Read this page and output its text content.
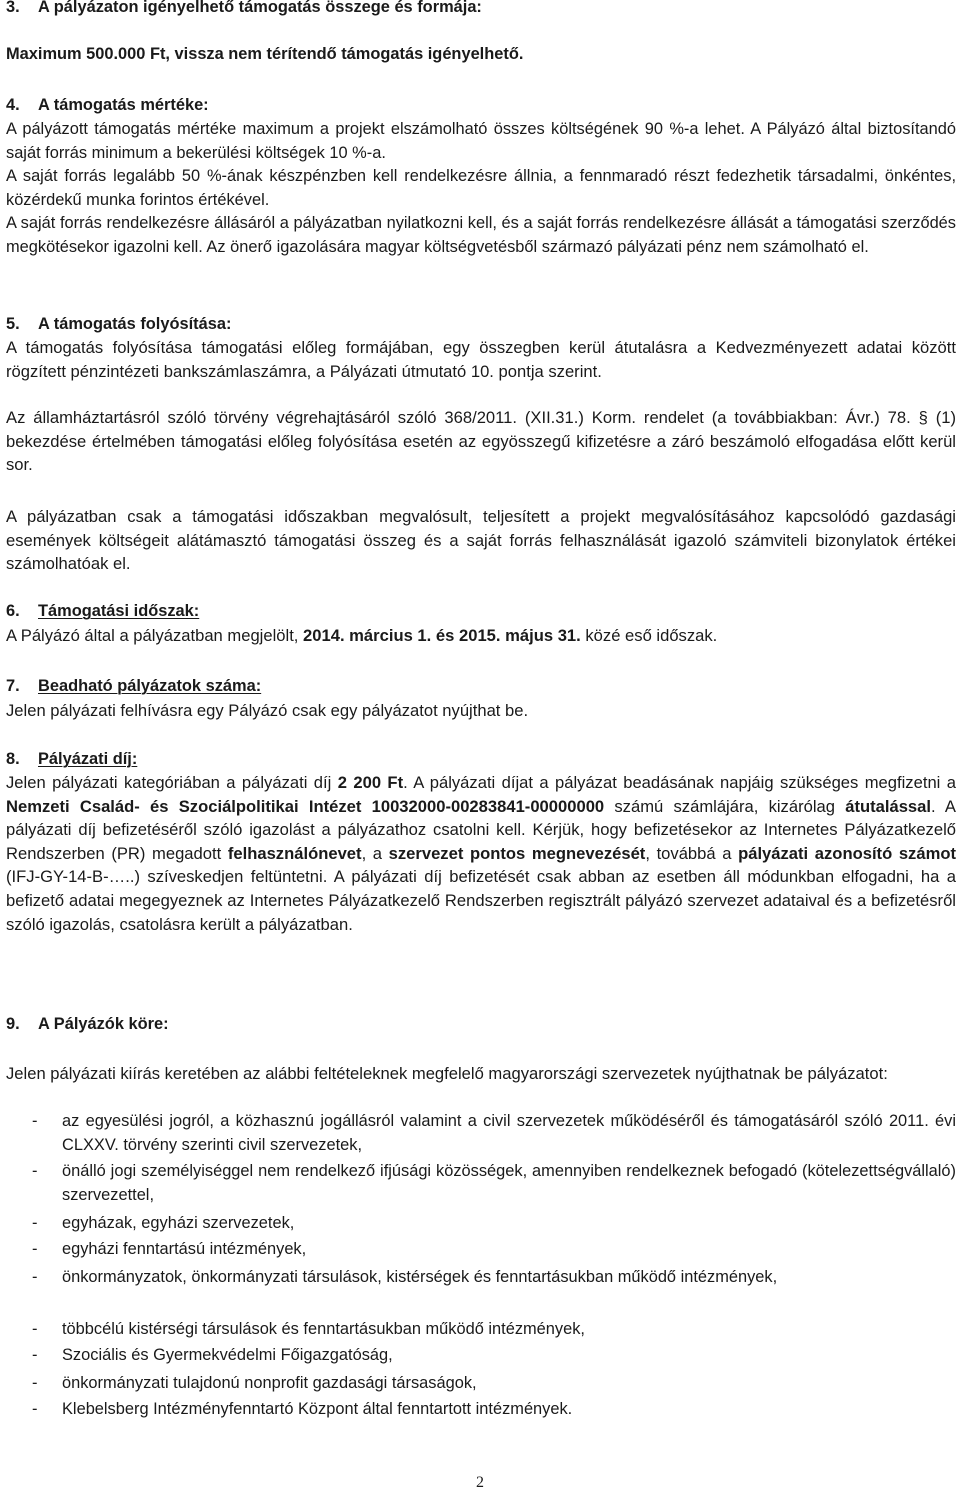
3. A pályázaton igényelhető támogatás összege és formája:
Maximum 500.000 Ft, vissza nem térítendő támogatás igényelhető.
4. A támogatás mértéke:
A pályázott támogatás mértéke maximum a projekt elszámolható összes költségének 90 %-a lehet. A Pályázó által biztosítandó saját forrás minimum a bekerülési költségek 10 %-a.
A saját forrás legalább 50 %-ának készpénzben kell rendelkezésre állnia, a fennmaradó részt fedezhetik társadalmi, önkéntes, közérdekű munka forintos értékével.
A saját forrás rendelkezésre állásáról a pályázatban nyilatkozni kell, és a saját forrás rendelkezésre állását a támogatási szerződés megkötésekor igazolni kell. Az önerő igazolására magyar költségvetésből származó pályázati pénz nem számolható el.
5. A támogatás folyósítása:
A támogatás folyósítása támogatási előleg formájában, egy összegben kerül átutalásra a Kedvezményezett adatai között rögzített pénzintézeti bankszámlaszámra, a Pályázati útmutató 10. pontja szerint.
Az államháztartásról szóló törvény végrehajtásáról szóló 368/2011. (XII.31.) Korm. rendelet (a továbbiakban: Ávr.) 78. § (1) bekezdése értelmében támogatási előleg folyósítása esetén az egyösszegű kifizetésre a záró beszámoló elfogadása előtt kerül sor.
A pályázatban csak a támogatási időszakban megvalósult, teljesített a projekt megvalósításához kapcsolódó gazdasági események költségeit alátámasztó támogatási összeg és a saját forrás felhasználását igazoló számviteli bizonylatok értékei számolhatóak el.
6. Támogatási időszak:
A Pályázó által a pályázatban megjelölt, 2014. március 1. és 2015. május 31. közé eső időszak.
7. Beadható pályázatok száma:
Jelen pályázati felhívásra egy Pályázó csak egy pályázatot nyújthat be.
8. Pályázati díj:
Jelen pályázati kategóriában a pályázati díj 2 200 Ft. A pályázati díjat a pályázat beadásának napjáig szükséges megfizetni a Nemzeti Család- és Szociálpolitikai Intézet 10032000-00283841-00000000 számú számlájára, kizárólag átutalással. A pályázati díj befizetéséről szóló igazolást a pályázathoz csatolni kell. Kérjük, hogy befizetésekor az Internetes Pályázatkezelő Rendszerben (PR) megadott felhasználónevet, a szervezet pontos megnevezését, továbbá a pályázati azonosító számot (IFJ-GY-14-B-…..) szíveskedjen feltüntetni. A pályázati díj befizetését csak abban az esetben áll módunkban elfogadni, ha a befizető adatai megegyeznek az Internetes Pályázatkezelő Rendszerben regisztrált pályázó szervezet adataival és a befizetésről szóló igazolás, csatolásra került a pályázatban.
9. A Pályázók köre:
Jelen pályázati kiírás keretében az alábbi feltételeknek megfelelő magyarországi szervezetek nyújthatnak be pályázatot:
- az egyesülési jogról, a közhasznú jogállásról valamint a civil szervezetek működéséről és támogatásáról szóló 2011. évi CLXXV. törvény szerinti civil szervezetek,
- önálló jogi személyiséggel nem rendelkező ifjúsági közösségek, amennyiben rendelkeznek befogadó (kötelezettségvállaló) szervezettel,
- egyházak, egyházi szervezetek,
- egyházi fenntartású intézmények,
- önkormányzatok, önkormányzati társulások, kistérségek és fenntartásukban működő intézmények,
- többcélú kistérségi társulások és fenntartásukban működő intézmények,
- Szociális és Gyermekvédelmi Főigazgatóság,
- önkormányzati tulajdonú nonprofit gazdasági társaságok,
- Klebelsberg Intézményfenntartó Központ által fenntartott intézmények.
2
